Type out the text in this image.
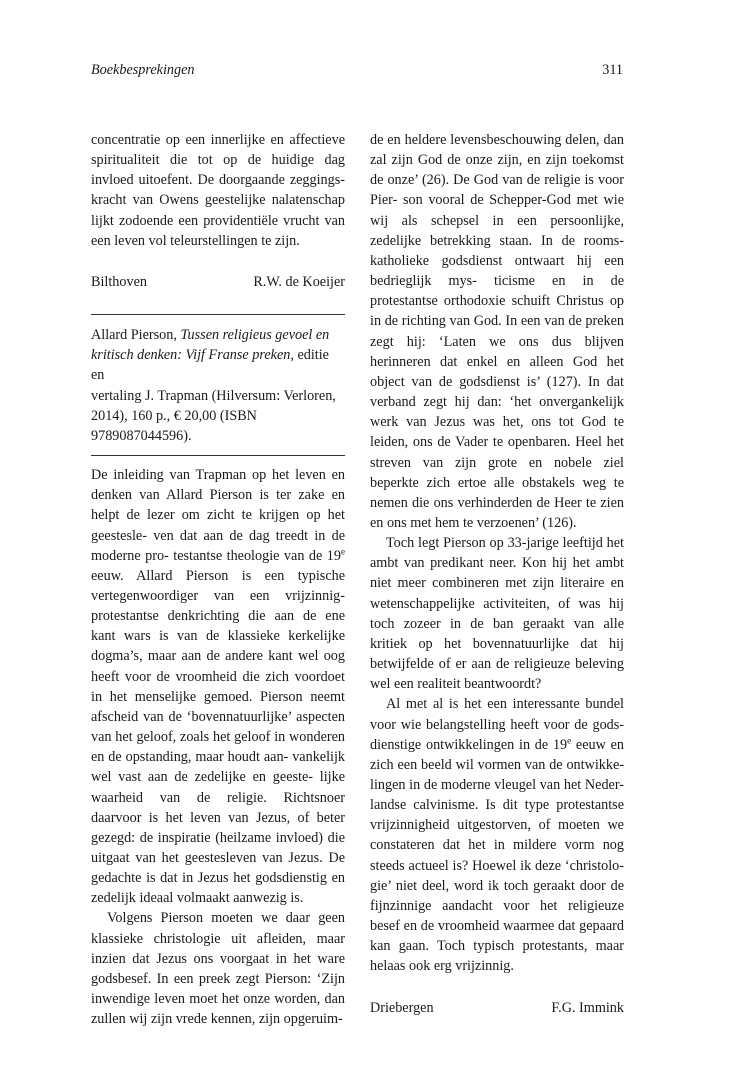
Boekbesprekingen	311

concentratie op een innerlijke en affectieve spiritualiteit die tot op de huidige dag invloed uitoefent. De doorgaande zeggings- kracht van Owens geestelijke nalatenschap lijkt zodoende een providentiële vrucht van een leven vol teleurstellingen te zijn.

Bilthoven	R.W. de Koeijer

Allard Pierson, Tussen religieus gevoel en kritisch denken: Vijf Franse preken, editie en
vertaling J. Trapman (Hilversum: Verloren,
2014), 160 p., € 20,00 (ISBN
9789087044596).

De inleiding van Trapman op het leven en denken van Allard Pierson is ter zake en helpt de lezer om zicht te krijgen op het geestesle- ven dat aan de dag treedt in de moderne pro- testantse theologie van de 19e eeuw. Allard Pierson is een typische vertegenwoordiger van een vrijzinnig-protestantse denkrichting die aan de ene kant wars is van de klassieke kerkelijke dogma’s, maar aan de andere kant wel oog heeft voor de vroomheid die zich voordoet in het menselijke gemoed. Pierson neemt afscheid van de ‘bovennatuurlijke’ aspecten van het geloof, zoals het geloof in wonderen en de opstanding, maar houdt aan- vankelijk wel vast aan de zedelijke en geeste- lijke waarheid van de religie. Richtsnoer daarvoor is het leven van Jezus, of beter gezegd: de inspiratie (heilzame invloed) die uitgaat van het geestesleven van Jezus. De gedachte is dat in Jezus het godsdienstig en zedelijk ideaal volmaakt aanwezig is.

Volgens Pierson moeten we daar geen klassieke christologie uit afleiden, maar inzien dat Jezus ons voorgaat in het ware godsbesef. In een preek zegt Pierson: ‘Zijn inwendige leven moet het onze worden, dan zullen wij zijn vrede kennen, zijn opgeruim-

de en heldere levensbeschouwing delen, dan zal zijn God de onze zijn, en zijn toekomst de onze’ (26). De God van de religie is voor Pier- son vooral de Schepper-God met wie wij als schepsel in een persoonlijke, zedelijke betrekking staan. In de rooms-katholieke godsdienst ontwaart hij een bedrieglijk mys- ticisme en in de protestantse orthodoxie schuift Christus op in de richting van God. In een van de preken zegt hij: ‘Laten we ons dus blijven herinneren dat enkel en alleen God het object van de godsdienst is’ (127). In dat verband zegt hij dan: ‘het onvergankelijk werk van Jezus was het, ons tot God te leiden, ons de Vader te openbaren. Heel het streven van zijn grote en nobele ziel beperkte zich ertoe alle obstakels weg te nemen die ons verhinderden de Heer te zien en ons met hem te verzoenen’ (126).

Toch legt Pierson op 33-jarige leeftijd het ambt van predikant neer. Kon hij het ambt niet meer combineren met zijn literaire en wetenschappelijke activiteiten, of was hij toch zozeer in de ban geraakt van alle kritiek op het bovennatuurlijke dat hij betwijfelde of er aan de religieuze beleving wel een realiteit beantwoordt?

Al met al is het een interessante bundel voor wie belangstelling heeft voor de gods- dienstige ontwikkelingen in de 19e eeuw en zich een beeld wil vormen van de ontwikke- lingen in de moderne vleugel van het Neder- landse calvinisme. Is dit type protestantse vrijzinnigheid uitgestorven, of moeten we constateren dat het in mildere vorm nog steeds actueel is? Hoewel ik deze ‘christolo- gie’ niet deel, word ik toch geraakt door de fijnzinnige aandacht voor het religieuze besef en de vroomheid waarmee dat gepaard kan gaan. Toch typisch protestants, maar helaas ook erg vrijzinnig.

Driebergen	F.G. Immink
